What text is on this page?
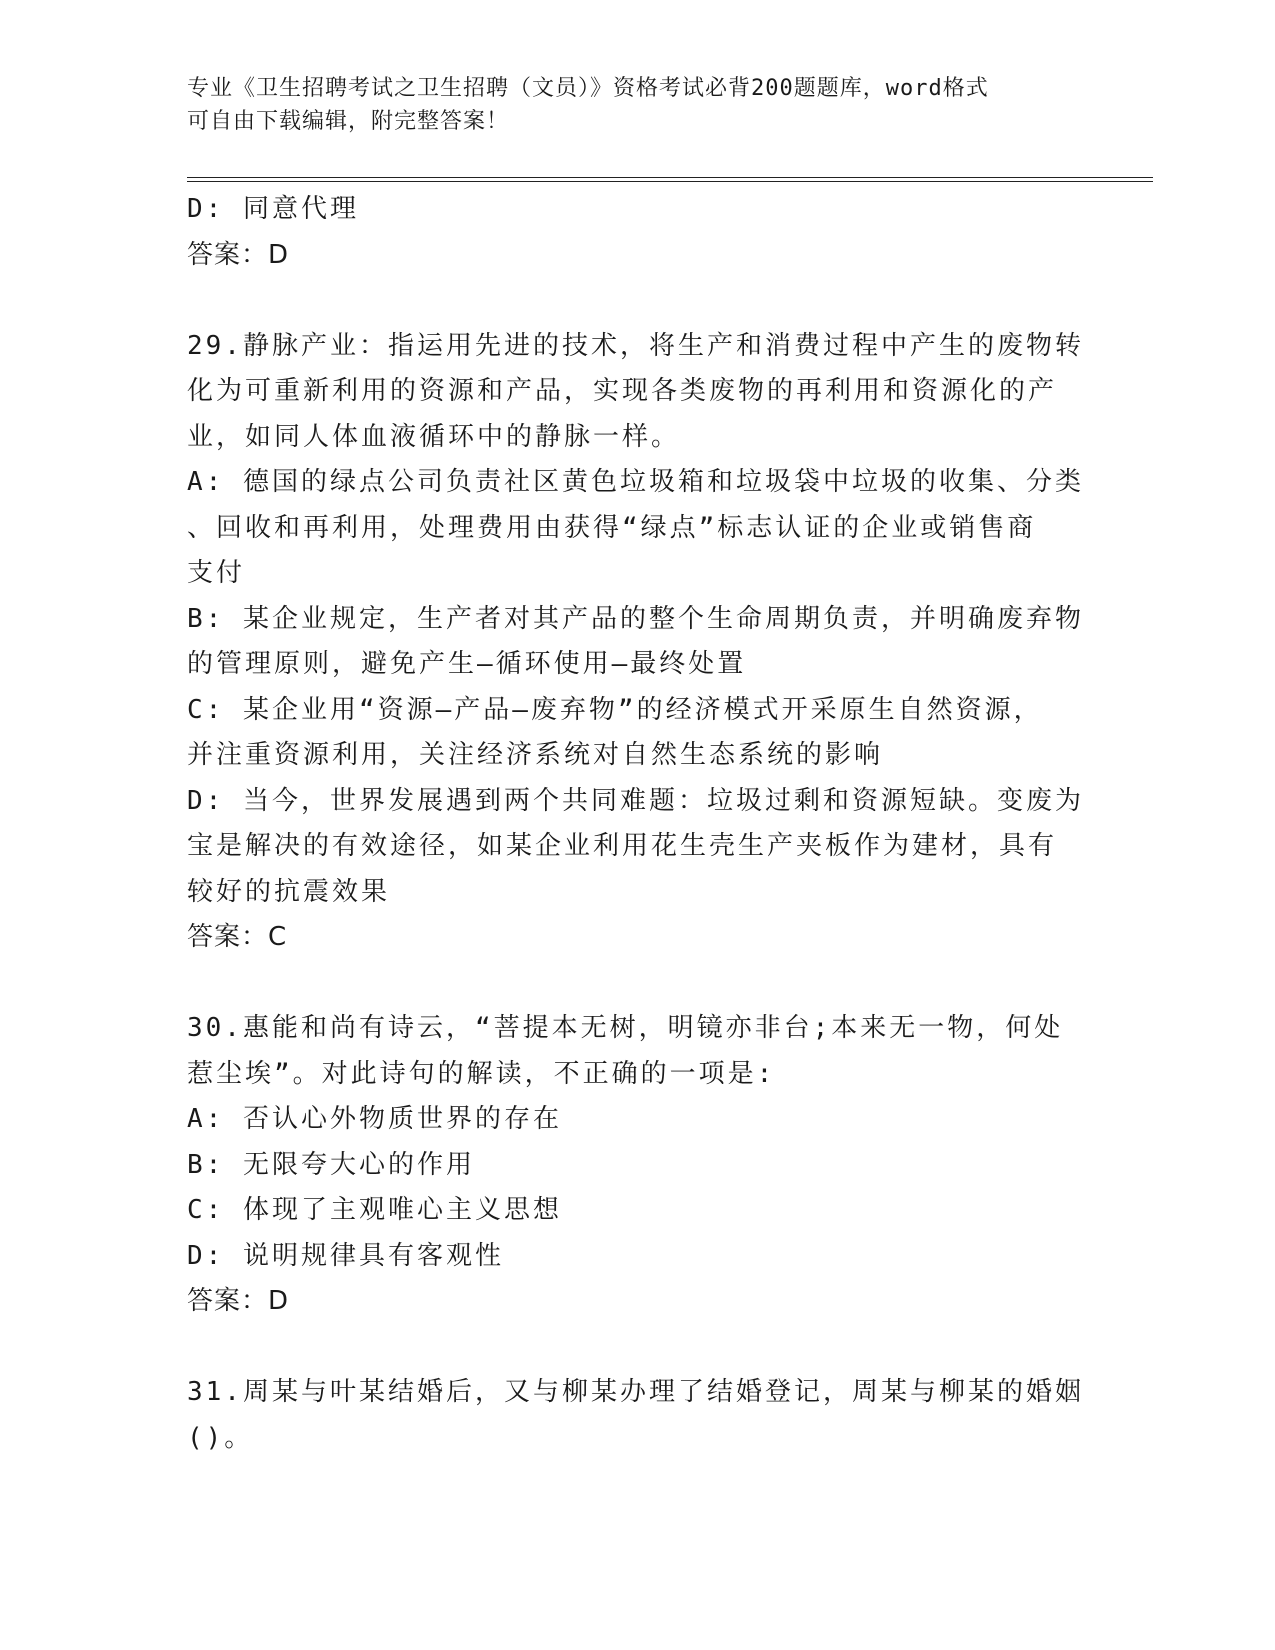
专业《卫生招聘考试之卫生招聘（文员）》资格考试必背200题题库，word格式
可自由下载编辑，附完整答案！
D: 同意代理
答案：D
29.静脉产业：指运用先进的技术，将生产和消费过程中产生的废物转
化为可重新利用的资源和产品，实现各类废物的再利用和资源化的产
业，如同人体血液循环中的静脉一样。
A: 德国的绿点公司负责社区黄色垃圾箱和垃圾袋中垃圾的收集、分类
、回收和再利用，处理费用由获得“绿点”标志认证的企业或销售商
支付
B: 某企业规定，生产者对其产品的整个生命周期负责，并明确废弃物
的管理原则，避免产生—循环使用—最终处置
C: 某企业用“资源—产品—废弃物”的经济模式开采原生自然资源，
并注重资源利用，关注经济系统对自然生态系统的影响
D: 当今，世界发展遇到两个共同难题：垃圾过剩和资源短缺。变废为
宝是解决的有效途径，如某企业利用花生壳生产夹板作为建材，具有
较好的抗震效果
答案：C
30.惠能和尚有诗云，“菩提本无树，明镜亦非台;本来无一物，何处
惹尘埃”。对此诗句的解读，不正确的一项是:
A: 否认心外物质世界的存在
B: 无限夸大心的作用
C: 体现了主观唯心主义思想
D: 说明规律具有客观性
答案：D
31.周某与叶某结婚后，又与柳某办理了结婚登记，周某与柳某的婚姻
()。
